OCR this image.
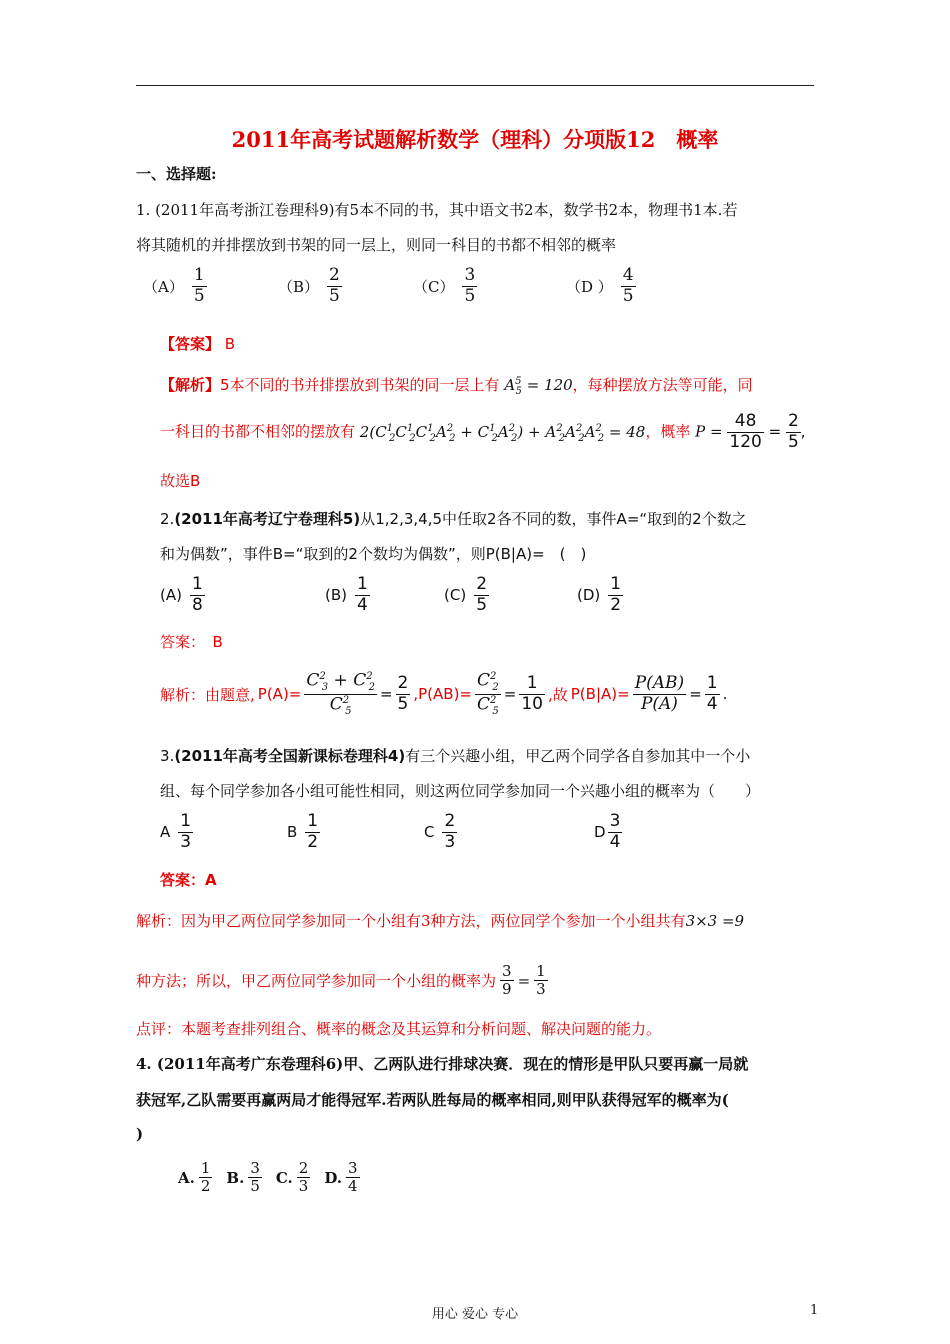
2011年高考试题解析数学（理科）分项版12　概率
一、选择题:
1. (2011年高考浙江卷理科9)有5本不同的书，其中语文书2本，数学书2本，物理书1本.若
将其随机的并排摆放到书架的同一层上，则同一科目的书都不相邻的概率
$(A) \frac{1}{5}$	$(B) \frac{2}{5}$	$(C) \frac{3}{5}$	（D ） $\frac{4}{5}$
【答案】 B
【解析】5本不同的书并排摆放到书架的同一层上有 $A^5_5 = 120$，每种摆放方法等可能，同
一科目的书都不相邻的摆放有 $2(C^1_2C^1_2C^1_2A^2_2 + C^1_2A^2_2) + A^2_2A^2_2A^2_2 = 48$，概率 $P = \frac{48}{120} = \frac{2}{5}$ ,
故选B
2.(2011年高考辽宁卷理科5)从1,2,3,4,5中任取2各不同的数，事件A=“取到的2个数之
和为偶数”，事件B=“取到的2个数均为偶数”，则P(B|A)=　(　)
$(A) \frac{1}{8}$	$(B) \frac{1}{4}$	$(C) \frac{2}{5}$	$(D) \frac{1}{2}$
答案：　B
解析：由题意, $P(A)= \frac{C^2_3 + C^2_2}{C^2_5} = \frac{2}{5} ,P(AB)= \frac{C^2_2}{C^2_5} = \frac{1}{10}$ ,故 $P(B|A)= \frac{P(AB)}{P(A)} = \frac{1}{4}$ .
3.(2011年高考全国新课标卷理科4)有三个兴趣小组，甲乙两个同学各自参加其中一个小
组、每个同学参加各小组可能性相同，则这两位同学参加同一个兴趣小组的概率为（　　）
A $\frac{1}{3}$	B $\frac{1}{2}$	C $\frac{2}{3}$	D $\frac{3}{4}$
答案：A
解析：因为甲乙两位同学参加同一个小组有3种方法，两位同学个参加一个小组共有3×3 =9
种方法；所以，甲乙两位同学参加同一个小组的概率为 $\frac{3}{9} = \frac{1}{3}$
点评：本题考查排列组合、概率的概念及其运算和分析问题、解决问题的能力。
4. (2011年高考广东卷理科6)甲、乙两队进行排球决赛．现在的情形是甲队只要再赢一局就
获冠军,乙队需要再赢两局才能得冠军.若两队胜每局的概率相同,则甲队获得冠军的概率为(
)
A. $\frac{1}{2} B$. $\frac{3}{5} C$. $\frac{2}{3} D$. $\frac{3}{4}$
用心 爱心 专心	1
